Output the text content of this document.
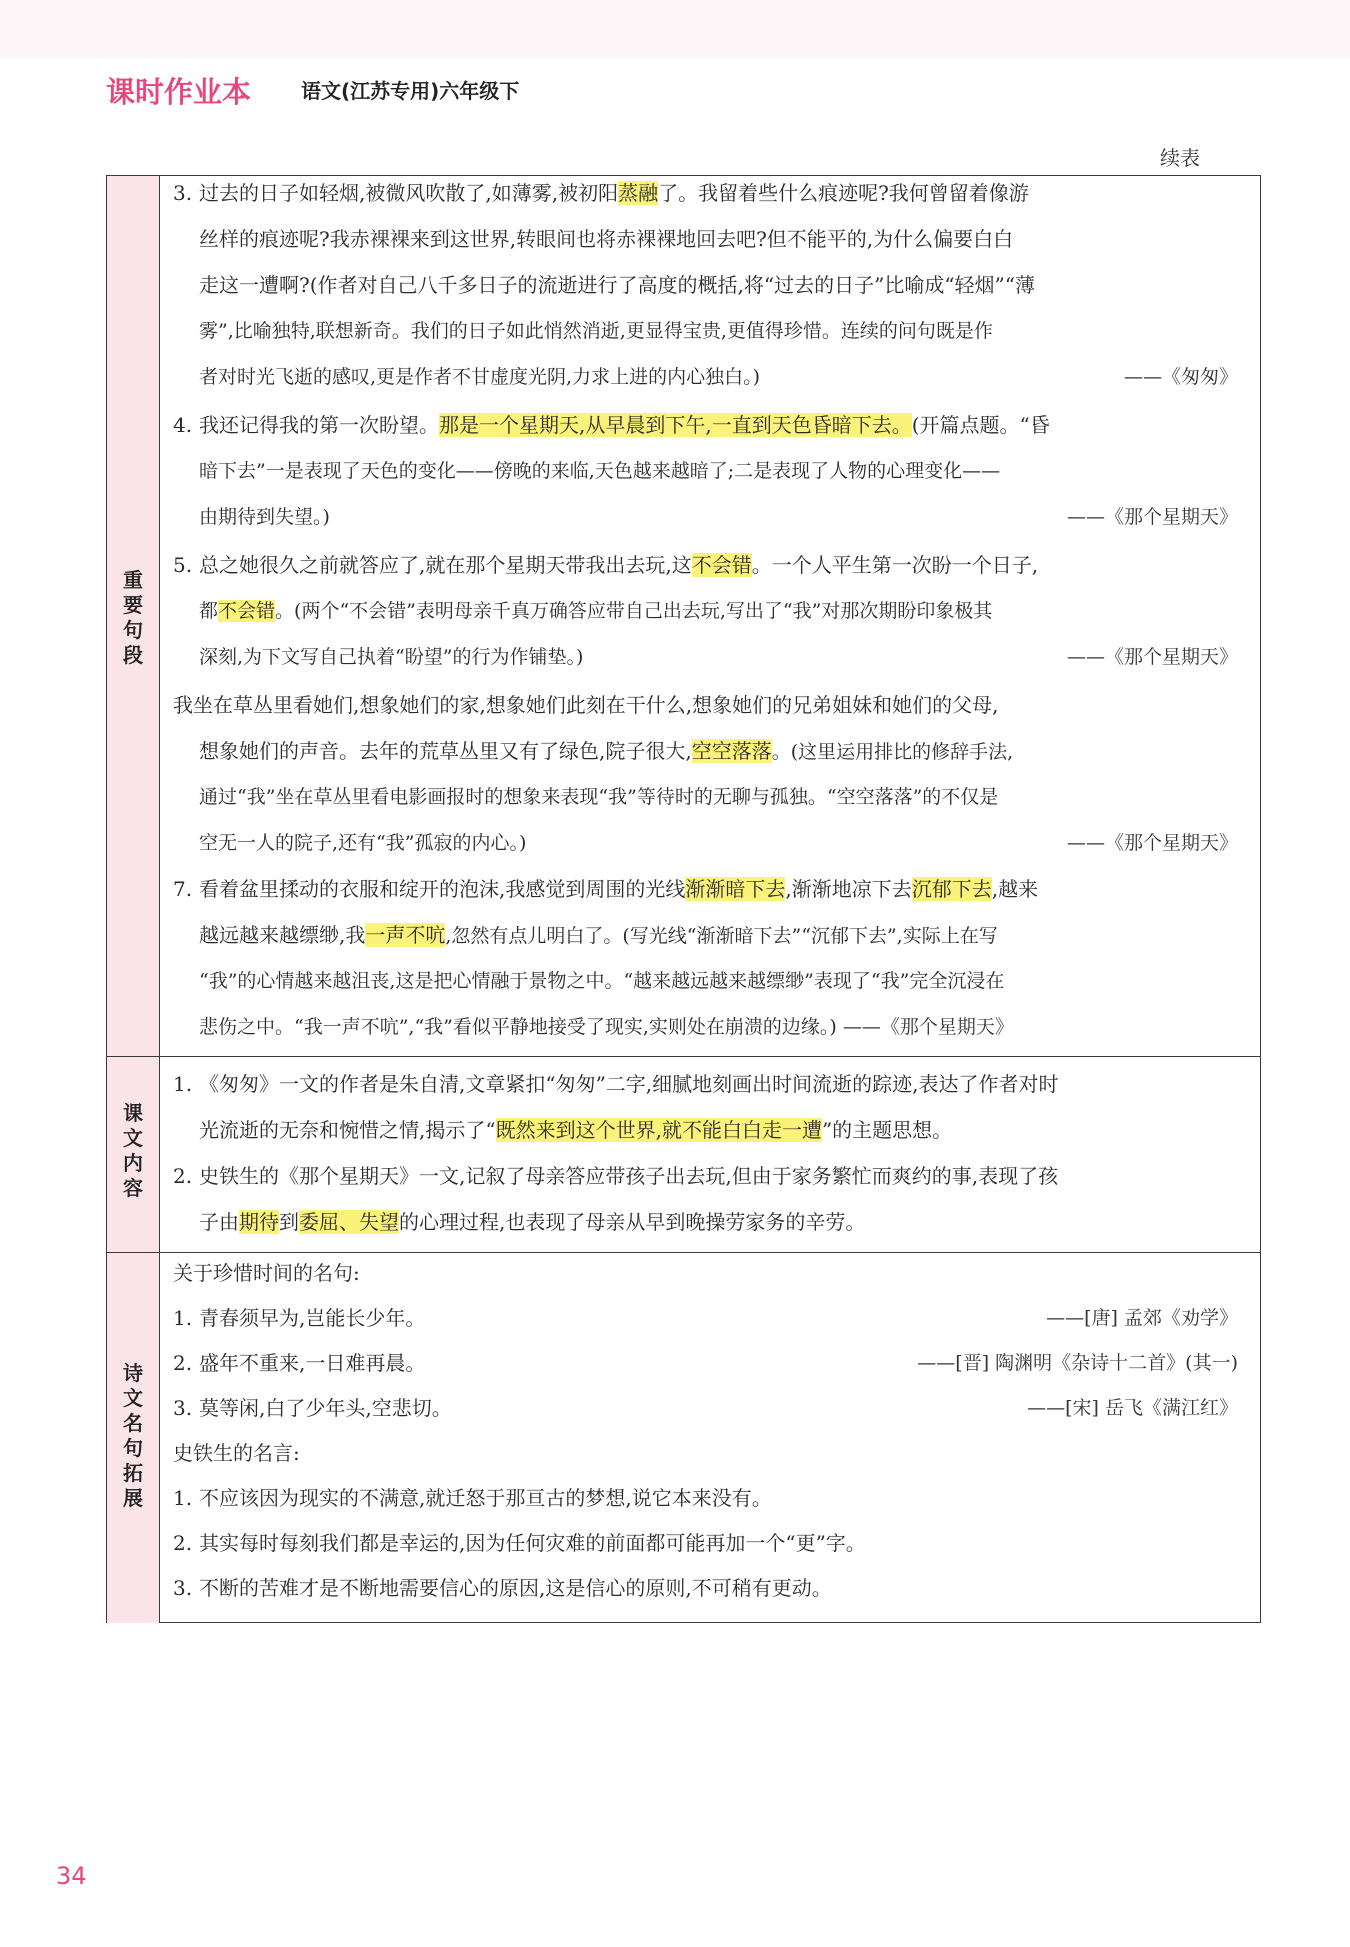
课时作业本 语文(江苏专用)六年级下
续表
重
要
句
段
3. 过去的日子如轻烟,被微风吹散了,如薄雾,被初阳蒸融了。我留着些什么痕迹呢?我何曾留着像游
丝样的痕迹呢?我赤裸裸来到这世界,转眼间也将赤裸裸地回去吧?但不能平的,为什么偏要白白
走这一遭啊?(作者对自己八千多日子的流逝进行了高度的概括,将“过去的日子”比喻成“轻烟”“薄
雾”,比喻独特,联想新奇。我们的日子如此悄然消逝,更显得宝贵,更值得珍惜。连续的问句既是作
者对时光飞逝的感叹,更是作者不甘虚度光阴,力求上进的内心独白。)	——《匆匆》
4. 我还记得我的第一次盼望。那是一个星期天,从早晨到下午,一直到天色昏暗下去。(开篇点题。“昏
暗下去”一是表现了天色的变化——傍晚的来临,天色越来越暗了;二是表现了人物的心理变化——
由期待到失望。)	——《那个星期天》
5. 总之她很久之前就答应了,就在那个星期天带我出去玩,这不会错。一个人平生第一次盼一个日子,
都不会错。(两个“不会错”表明母亲千真万确答应带自己出去玩,写出了“我”对那次期盼印象极其
深刻,为下文写自己执着“盼望”的行为作铺垫。)	——《那个星期天》
我坐在草丛里看她们,想象她们的家,想象她们此刻在干什么,想象她们的兄弟姐妹和她们的父母,
想象她们的声音。去年的荒草丛里又有了绿色,院子很大,空空落落。(这里运用排比的修辞手法,
通过“我”坐在草丛里看电影画报时的想象来表现“我”等待时的无聊与孤独。“空空落落”的不仅是
空无一人的院子,还有“我”孤寂的内心。)	——《那个星期天》
7. 看着盆里揉动的衣服和绽开的泡沫,我感觉到周围的光线渐渐暗下去,渐渐地凉下去沉郁下去,越来
越远越来越缥缈,我一声不吭,忽然有点儿明白了。(写光线“渐渐暗下去”“沉郁下去”,实际上在写
“我”的心情越来越沮丧,这是把心情融于景物之中。“越来越远越来越缥缈”表现了“我”完全沉浸在
悲伤之中。“我一声不吭”,“我”看似平静地接受了现实,实则处在崩溃的边缘。) ——《那个星期天》
课
文
内
容
1. 《匆匆》一文的作者是朱自清,文章紧扣“匆匆”二字,细腻地刻画出时间流逝的踪迹,表达了作者对时
光流逝的无奈和惋惜之情,揭示了“既然来到这个世界,就不能白白走一遭”的主题思想。
2. 史铁生的《那个星期天》一文,记叙了母亲答应带孩子出去玩,但由于家务繁忙而爽约的事,表现了孩
子由期待到委屈、失望的心理过程,也表现了母亲从早到晚操劳家务的辛劳。
诗
文
名
句
拓
展
关于珍惜时间的名句:
1. 青春须早为,岂能长少年。	——[唐] 孟郊《劝学》
2. 盛年不重来,一日难再晨。	——[晋] 陶渊明《杂诗十二首》(其一)
3. 莫等闲,白了少年头,空悲切。	——[宋] 岳飞《满江红》
史铁生的名言:
1. 不应该因为现实的不满意,就迁怒于那亘古的梦想,说它本来没有。
2. 其实每时每刻我们都是幸运的,因为任何灾难的前面都可能再加一个“更”字。
3. 不断的苦难才是不断地需要信心的原因,这是信心的原则,不可稍有更动。
34
